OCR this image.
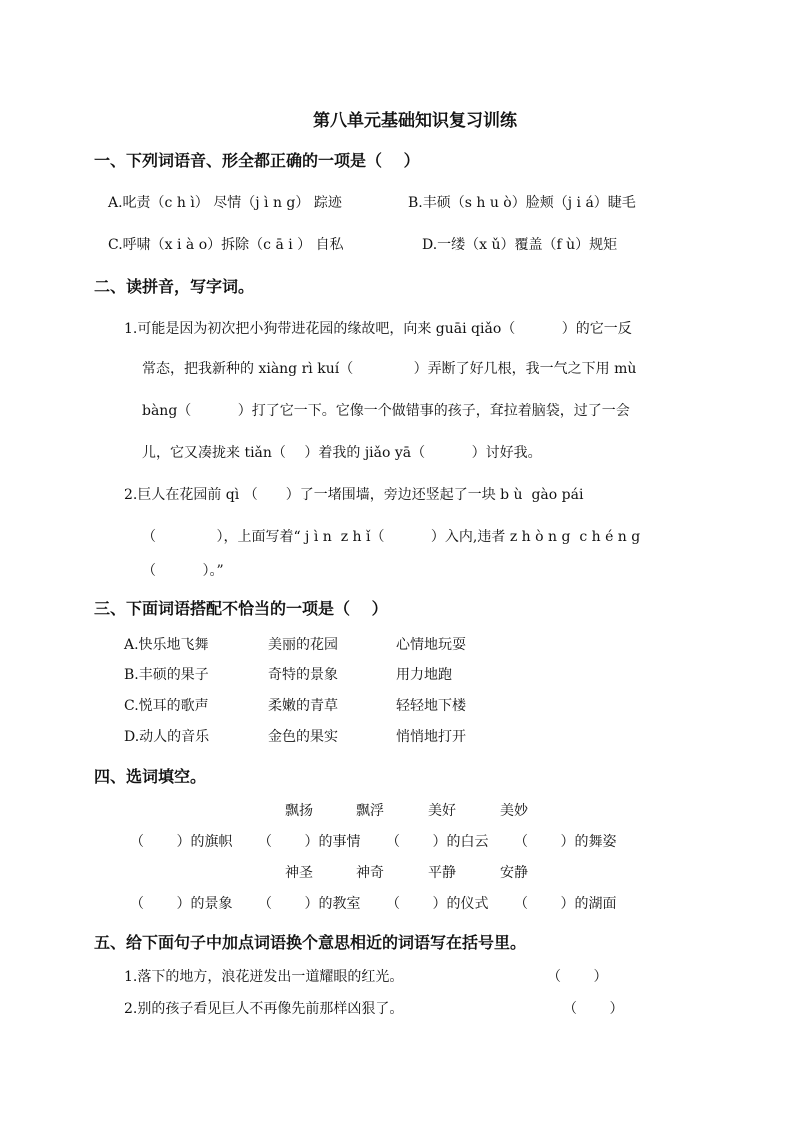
第八单元基础知识复习训练
一、下列词语音、形全都正确的一项是（　 ）
A.叱责（c h ì） 尽情（j ì n g） 踪迹	B.丰硕（s h u ò）脸颊（j i á）睫毛
C.呼啸（x i à o）拆除（c ā i ） 自私	D.一缕（x ǔ）覆盖（f ù）规矩
二、读拼音，写字词。
1.可能是因为初次把小狗带进花园的缘故吧，向来 guāi qiǎo（　　　 ）的它一反
常态，把我新种的 xiàng rì kuí（　　　　 ）弄断了好几根，我一气之下用 mù
bàng（　　　 ）打了它一下。它像一个做错事的孩子，耷拉着脑袋，过了一会
儿，它又凑拢来 tiǎn（　 ）着我的 jiǎo yā（　　　 ）讨好我。
2.巨人在花园前 qì （　　）了一堵围墙，旁边还竖起了一块 b ù  gào pái
（　　　　 ），上面写着“ j ì n  z h ǐ（　　　 ）入内,违者 z h ò n g  c h é n g
（　　　 ）。”
三、下面词语搭配不恰当的一项是（　 ）
A.快乐地飞舞	美丽的花园	心情地玩耍
B.丰硕的果子	奇特的景象	用力地跑
C.悦耳的歌声	柔嫩的青草	轻轻地下楼
D.动人的音乐	金色的果实	悄悄地打开
四、选词填空。
飘扬	飘浮	美好	美妙
（　　 ）的旗帜 （　　 ）的事情 （　　 ）的白云 （　　 ）的舞姿
神圣	神奇	平静	安静
（　　 ）的景象 （　　 ）的教室 （　　 ）的仪式 （　　 ）的湖面
五、给下面句子中加点词语换个意思相近的词语写在括号里。
1.落下的地方，浪花迸发出一道耀眼的红光。	（　　 ）
2.别的孩子看见巨人不再像先前那样凶狠了。	（　　 ）
